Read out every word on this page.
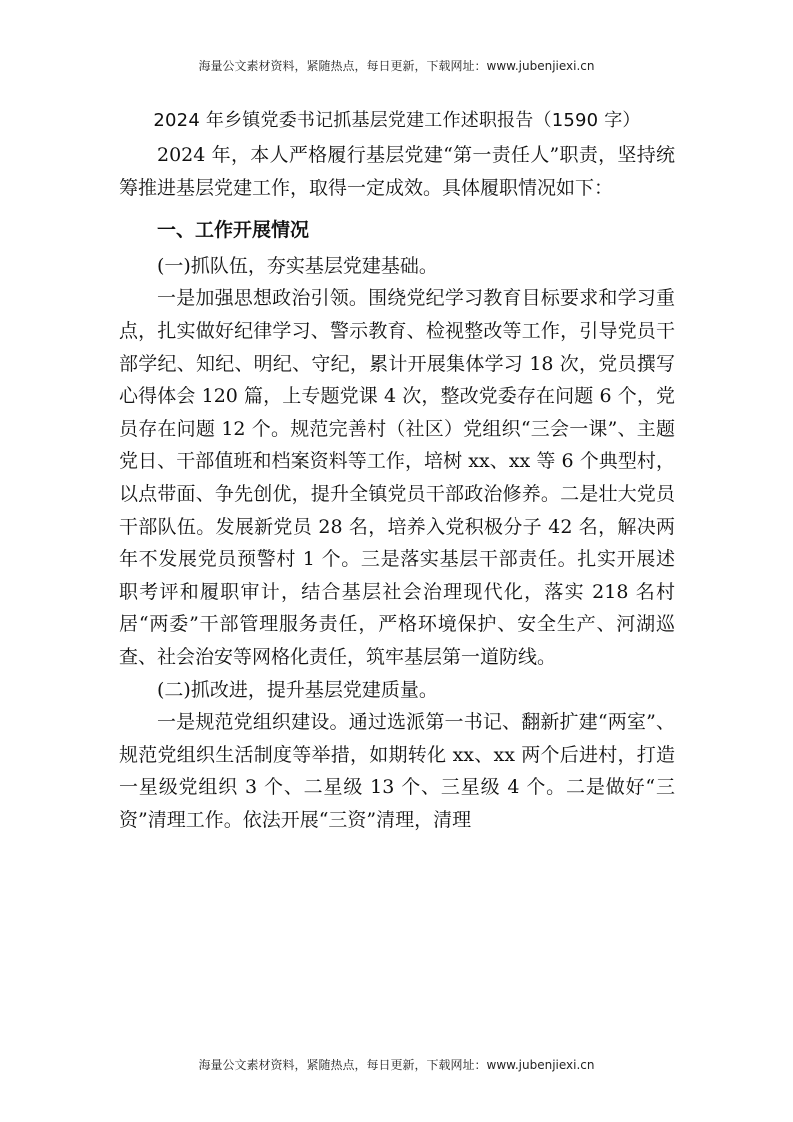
海量公文素材资料，紧随热点，每日更新，下载网址：www.jubenjiexi.cn
2024 年乡镇党委书记抓基层党建工作述职报告（1590 字）

2024 年，本人严格履行基层党建“第一责任人”职责，坚持统筹推进基层党建工作，取得一定成效。具体履职情况如下：

一、工作开展情况

(一)抓队伍，夯实基层党建基础。

一是加强思想政治引领。围绕党纪学习教育目标要求和学习重点，扎实做好纪律学习、警示教育、检视整改等工作，引导党员干部学纪、知纪、明纪、守纪，累计开展集体学习 18 次，党员撰写心得体会 120 篇，上专题党课 4 次，整改党委存在问题 6 个，党员存在问题 12 个。规范完善村（社区）党组织“三会一课”、主题党日、干部值班和档案资料等工作，培树 xx、xx 等 6 个典型村，以点带面、争先创优，提升全镇党员干部政治修养。二是壮大党员干部队伍。发展新党员 28 名，培养入党积极分子 42 名，解决两年不发展党员预警村 1 个。三是落实基层干部责任。扎实开展述职考评和履职审计，结合基层社会治理现代化，落实 218 名村居“两委”干部管理服务责任，严格环境保护、安全生产、河湖巡查、社会治安等网格化责任，筑牢基层第一道防线。

(二)抓改进，提升基层党建质量。

一是规范党组织建设。通过选派第一书记、翻新扩建“两室”、规范党组织生活制度等举措，如期转化 xx、xx 两个后进村，打造一星级党组织 3 个、二星级 13 个、三星级 4 个。二是做好“三资”清理工作。依法开展“三资”清理，清理

海量公文素材资料，紧随热点，每日更新，下载网址：www.jubenjiexi.cn
